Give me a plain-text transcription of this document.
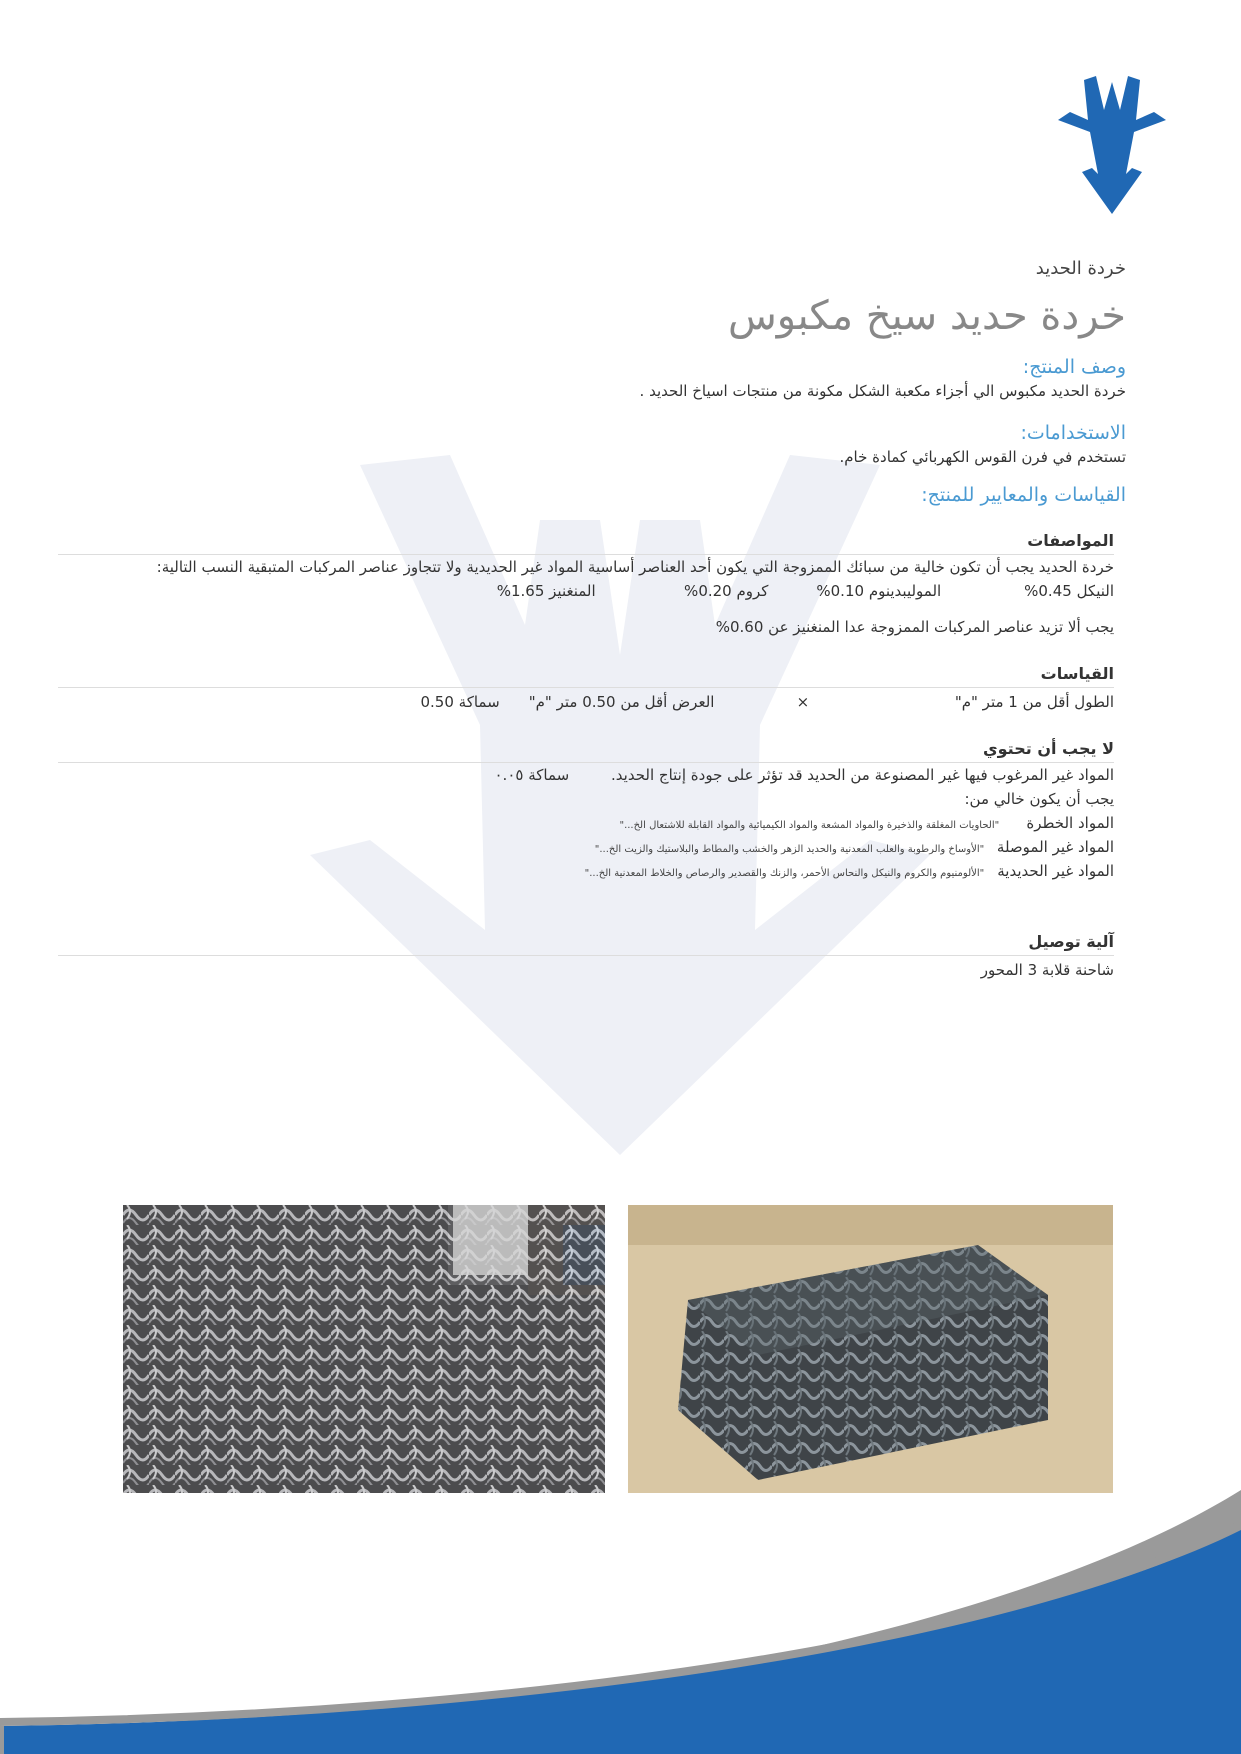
خردة الحديد
خردة حديد سيخ مكبوس
وصف المنتج:
خردة الحديد مكبوس الي أجزاء مكعبة الشكل مكونة من منتجات اسياخ الحديد .
الاستخدامات:
تستخدم في فرن القوس الكهربائي كمادة خام.
القياسات والمعايير للمنتج:
المواصفات
خردة الحديد يجب أن تكون خالية من سبائك الممزوجة التي يكون أحد العناصر أساسية المواد غير الحديدية ولا تتجاوز عناصر المركبات المتبقية النسب التالية:
النيكل 0.45% الموليبدينوم 0.10% كروم 0.20% المنغنيز 1.65%
يجب ألا تزيد عناصر المركبات الممزوجة عدا المنغنيز عن 0.60%
القياسات
الطول أقل من 1 متر "م" × العرض أقل من 0.50 متر "م" سماكة 0.50
لا يجب أن تحتوي
المواد غير المرغوب فيها غير المصنوعة من الحديد قد تؤثر على جودة إنتاج الحديد. سماكة ٠.٠٥
يجب أن يكون خالي من:
المواد الخطرة "الحاويات المغلقة والذخيرة والمواد المشعة والمواد الكيميائية والمواد القابلة للاشتعال الخ..."
المواد غير الموصلة "الأوساخ والرطوبة والعلب المعدنية والحديد الزهر والخشب والمطاط والبلاستيك والزيت الخ..."
المواد غير الحديدية "الألومنيوم والكروم والنيكل والنحاس الأحمر، والزنك والقصدير والرصاص والخلاط المعدنية الخ..."
آلية توصيل
شاحنة قلابة 3 المحور
